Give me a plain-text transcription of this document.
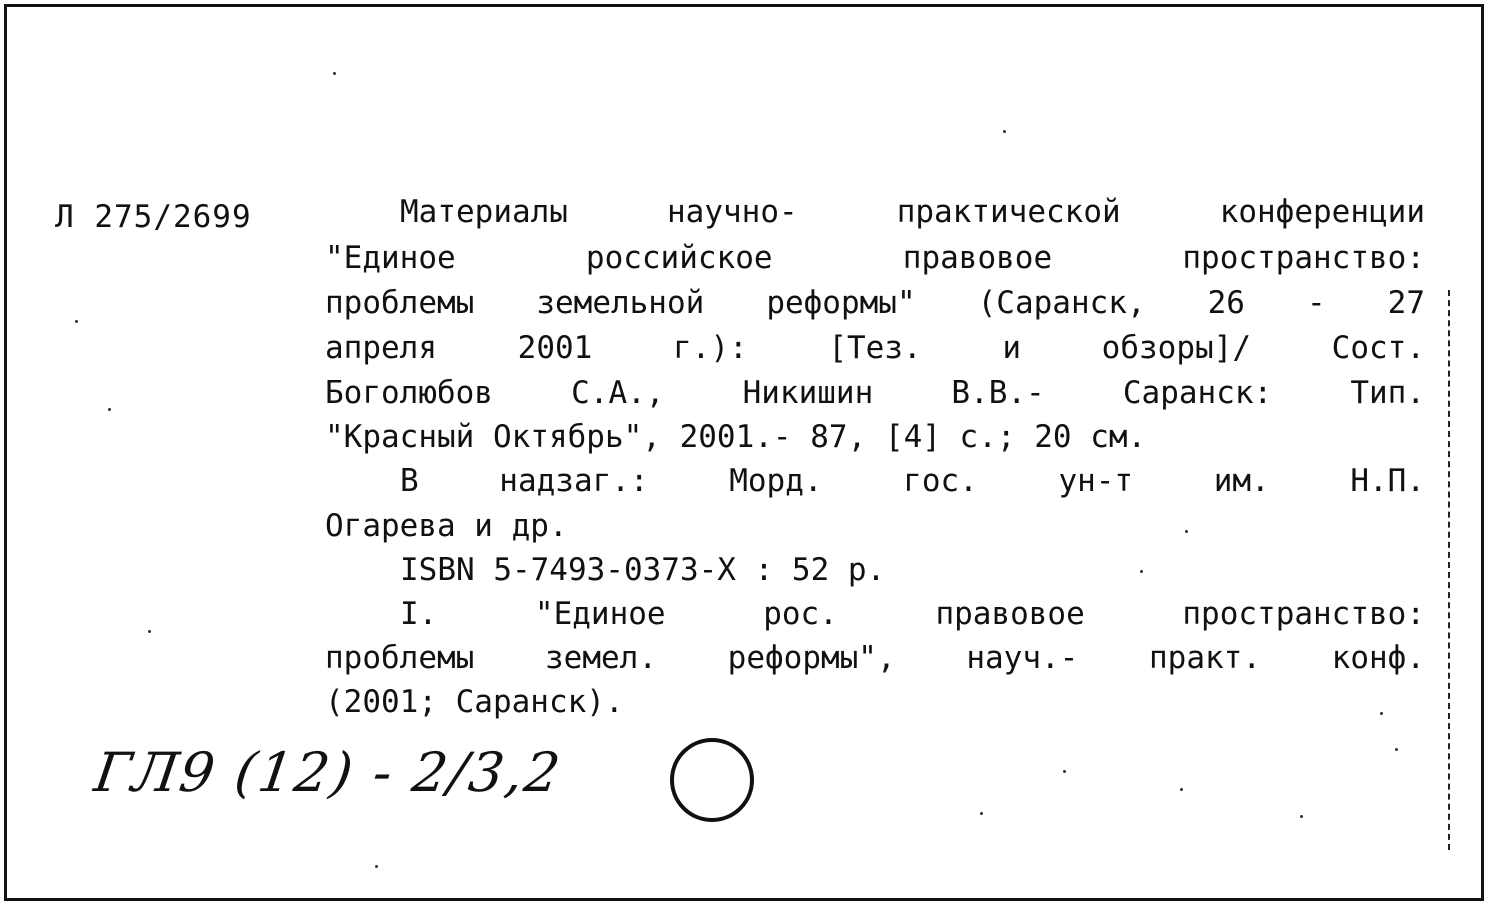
Л 275/2699	Материалы научно- практической конференции
"Единое российское правовое пространство:
проблемы земельной реформы" (Саранск, 26 - 27
апреля 2001 г.): [Тез. и обзоры]/ Сост.
Боголюбов С.А., Никишин В.В.- Саранск: Тип.
"Красный Октябрь", 2001.- 87, [4] с.; 20 см.
В надзаг.: Морд. гос. ун-т им. Н.П.
Огарева и др.
ISBN 5-7493-0373-X : 52 р.
I. "Единое рос. правовое пространство:
проблемы земел. реформы", науч.- практ. конф.
(2001; Саранск).
ГЛ9 (12) - 2/3,2
